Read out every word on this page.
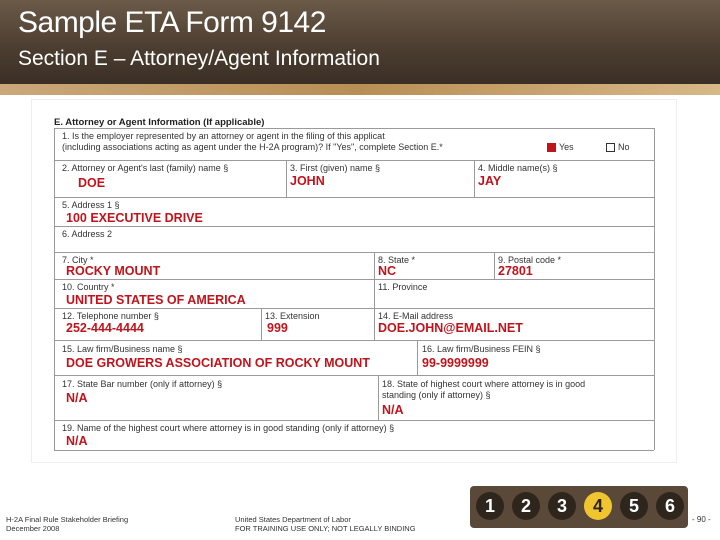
Sample ETA Form 9142
Section E – Attorney/Agent Information
E. Attorney or Agent Information (If applicable)
1. Is the employer represented by an attorney or agent in the filing of this applicat
(including associations acting as agent under the H-2A program)? If "Yes", complete Section E.*	Yes	No
2. Attorney or Agent's last (family) name §
DOE
3. First (given) name §
JOHN
4. Middle name(s) §
JAY
5. Address 1 §
100 EXECUTIVE DRIVE
6. Address 2
7. City *
ROCKY MOUNT
8. State *
NC
9. Postal code *
27801
10. Country *
UNITED STATES OF AMERICA
11. Province
12. Telephone number §
252-444-4444
13. Extension
999
14. E-Mail address
DOE.JOHN@EMAIL.NET
15. Law firm/Business name §
DOE GROWERS ASSOCIATION OF ROCKY MOUNT
16. Law firm/Business FEIN §
99-9999999
17. State Bar number (only if attorney) §
N/A
18. State of highest court where attorney is in good
standing (only if attorney) §
N/A
19. Name of the highest court where attorney is in good standing (only if attorney) §
N/A
H-2A Final Rule Stakeholder Briefing
December 2008
United States Department of Labor
FOR TRAINING USE ONLY; NOT LEGALLY BINDING
1	2	3	4	5	6
- 90 -
